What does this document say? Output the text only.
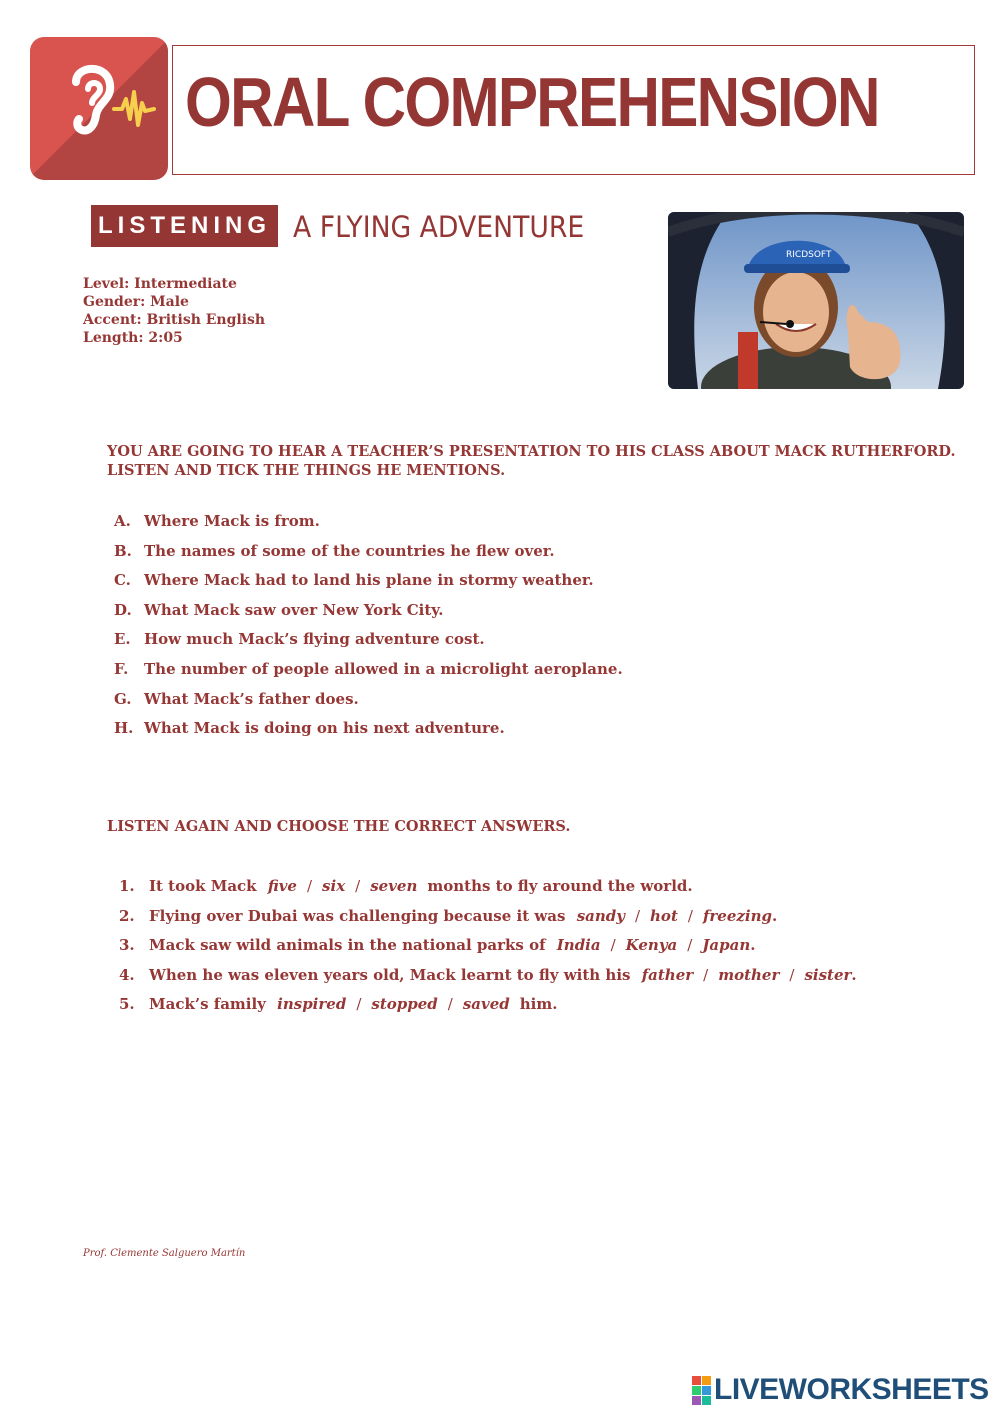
ORAL COMPREHENSION
LISTENING A FLYING ADVENTURE
Level: Intermediate
Gender: Male
Accent: British English
Length: 2:05
RICDSOFT
YOU ARE GOING TO HEAR A TEACHER’S PRESENTATION TO HIS CLASS ABOUT MACK RUTHERFORD.
LISTEN AND TICK THE THINGS HE MENTIONS.
A. Where Mack is from.
B. The names of some of the countries he flew over.
C. Where Mack had to land his plane in stormy weather.
D. What Mack saw over New York City.
E. How much Mack’s flying adventure cost.
F. The number of people allowed in a microlight aeroplane.
G. What Mack’s father does.
H. What Mack is doing on his next adventure.
LISTEN AGAIN AND CHOOSE THE CORRECT ANSWERS.
1. It took Mack five / six / seven months to fly around the world.
2. Flying over Dubai was challenging because it was sandy / hot / freezing.
3. Mack saw wild animals in the national parks of India / Kenya / Japan.
4. When he was eleven years old, Mack learnt to fly with his father / mother / sister.
5. Mack’s family inspired / stopped / saved him.
Prof. Clemente Salguero Martín
LIVEWORKSHEETS
